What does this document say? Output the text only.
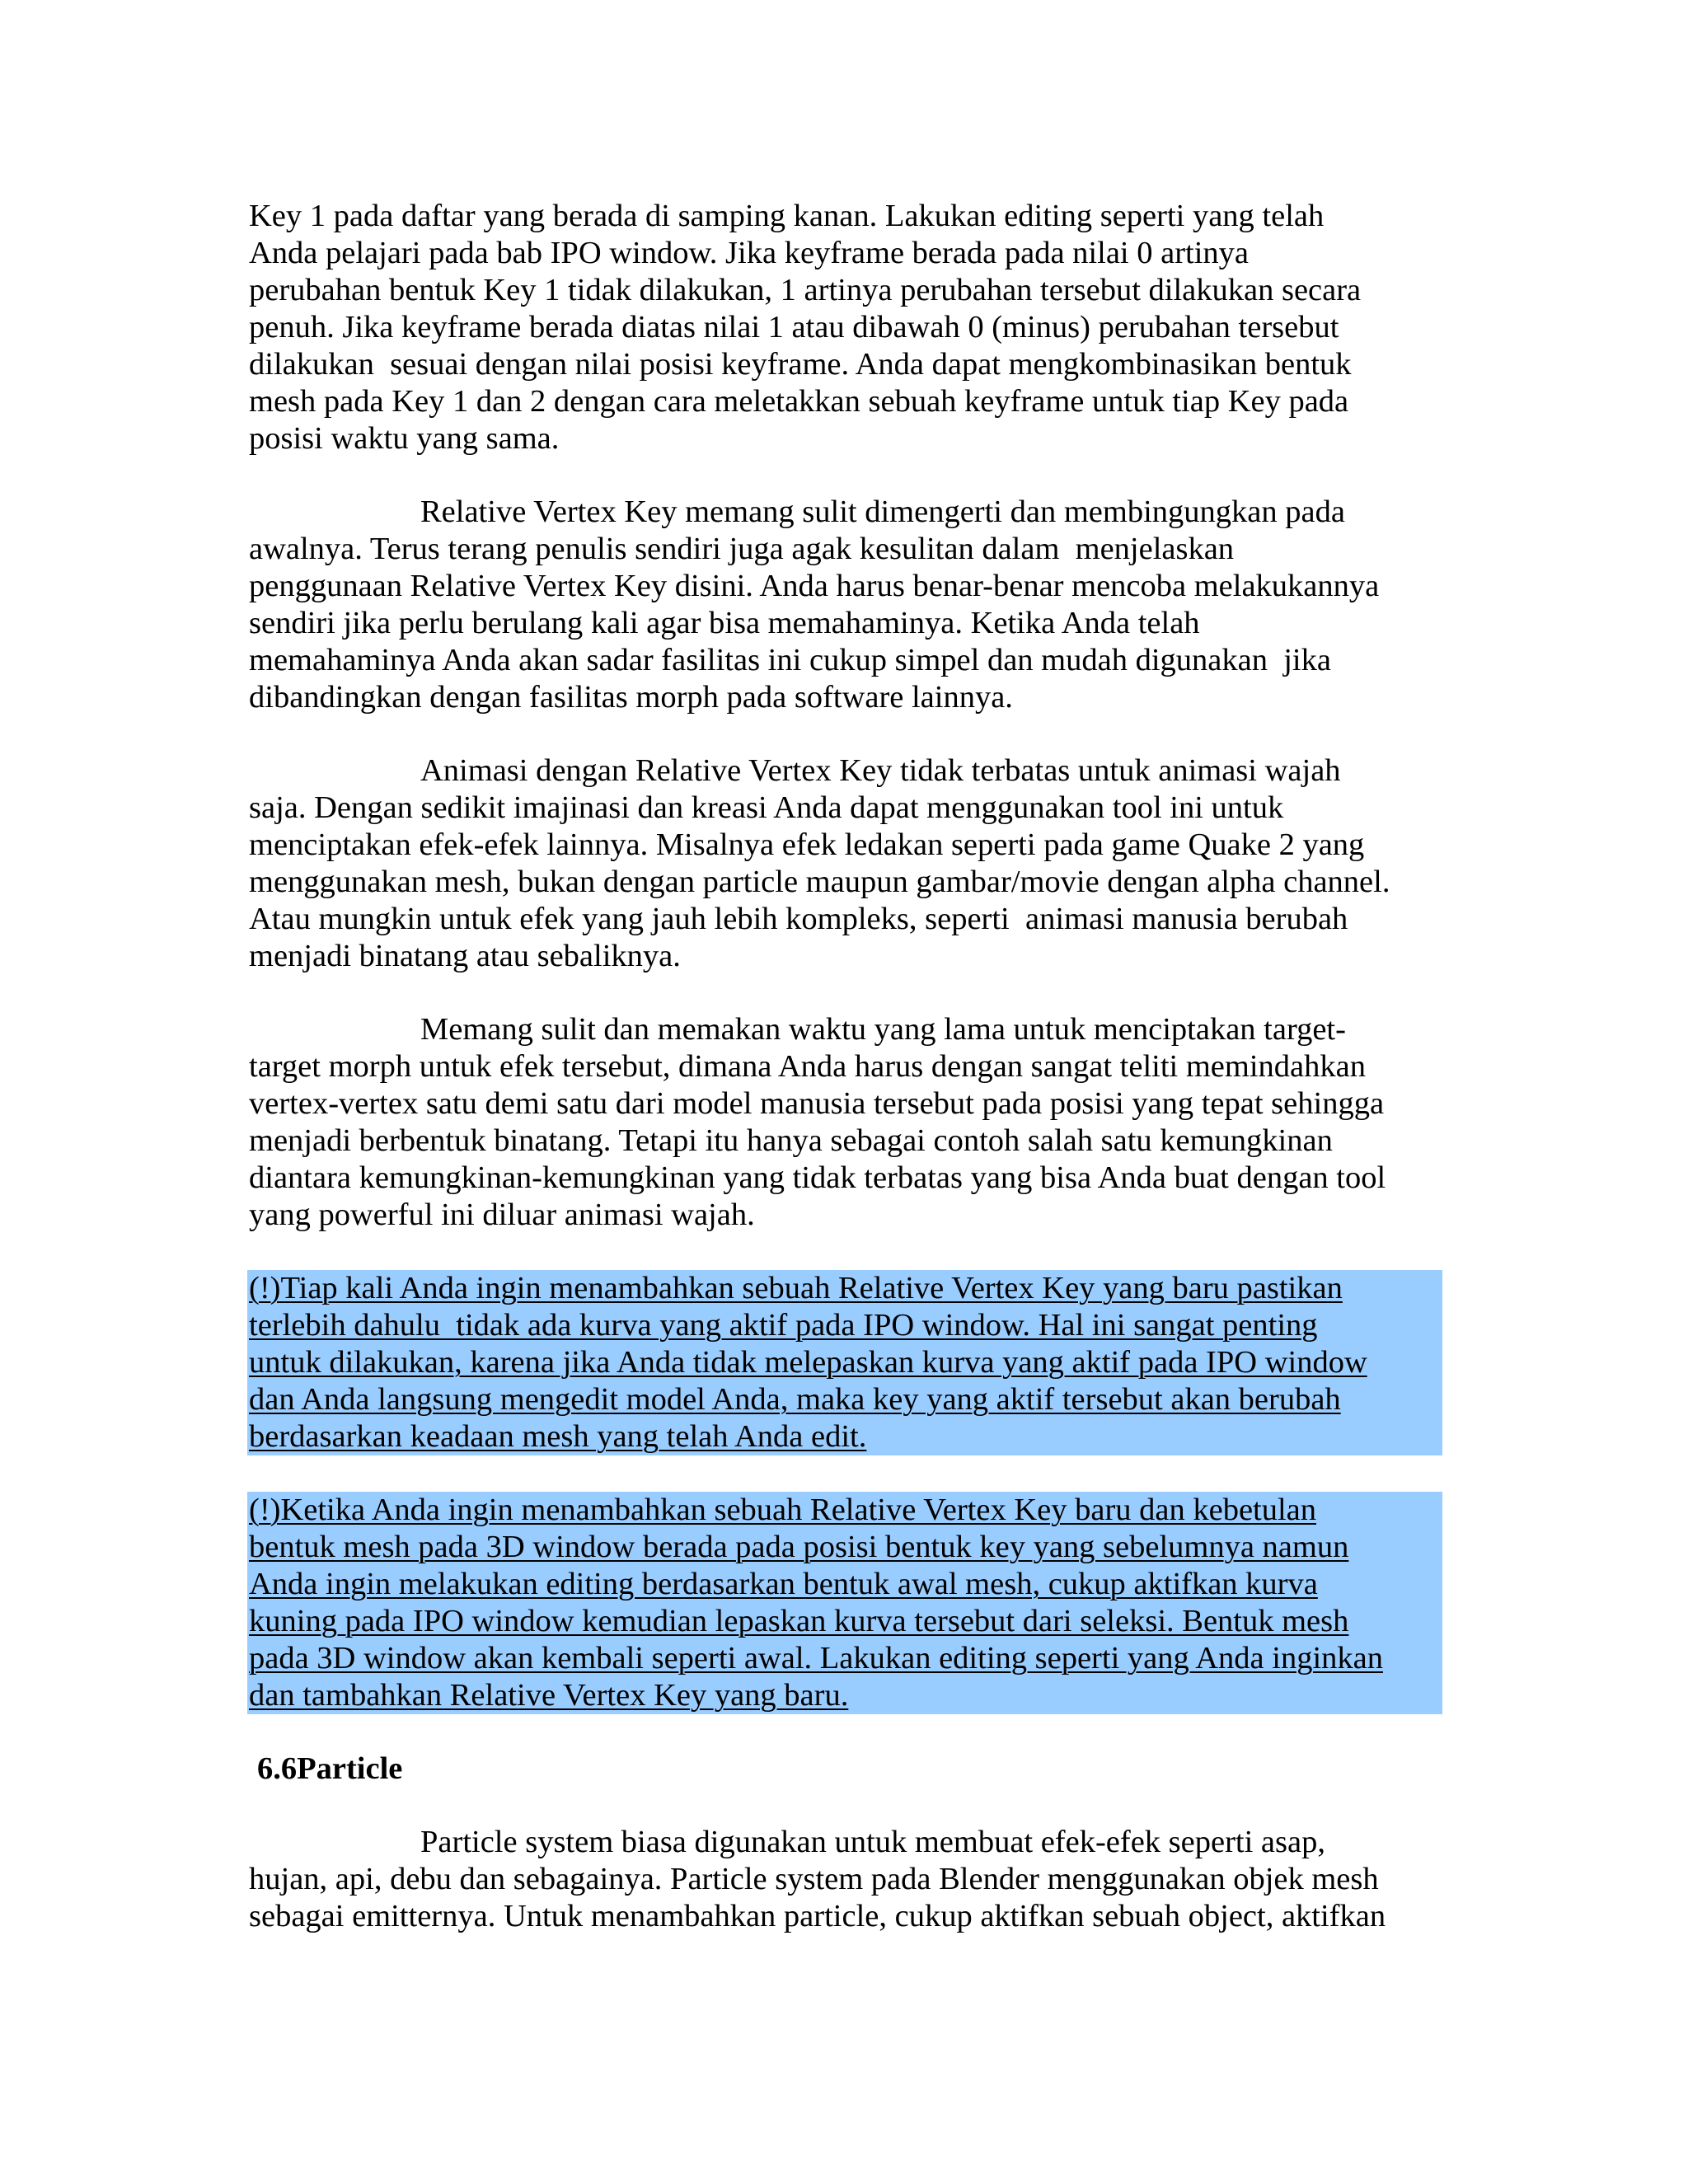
Key 1 pada daftar yang berada di samping kanan. Lakukan editing seperti yang telah
Anda pelajari pada bab IPO window. Jika keyframe berada pada nilai 0 artinya
perubahan bentuk Key 1 tidak dilakukan, 1 artinya perubahan tersebut dilakukan secara
penuh. Jika keyframe berada diatas nilai 1 atau dibawah 0 (minus) perubahan tersebut
dilakukan  sesuai dengan nilai posisi keyframe. Anda dapat mengkombinasikan bentuk
mesh pada Key 1 dan 2 dengan cara meletakkan sebuah keyframe untuk tiap Key pada
posisi waktu yang sama.
Relative Vertex Key memang sulit dimengerti dan membingungkan pada
awalnya. Terus terang penulis sendiri juga agak kesulitan dalam  menjelaskan
penggunaan Relative Vertex Key disini. Anda harus benar-benar mencoba melakukannya
sendiri jika perlu berulang kali agar bisa memahaminya. Ketika Anda telah
memahaminya Anda akan sadar fasilitas ini cukup simpel dan mudah digunakan  jika
dibandingkan dengan fasilitas morph pada software lainnya.
Animasi dengan Relative Vertex Key tidak terbatas untuk animasi wajah
saja. Dengan sedikit imajinasi dan kreasi Anda dapat menggunakan tool ini untuk
menciptakan efek-efek lainnya. Misalnya efek ledakan seperti pada game Quake 2 yang
menggunakan mesh, bukan dengan particle maupun gambar/movie dengan alpha channel.
Atau mungkin untuk efek yang jauh lebih kompleks, seperti  animasi manusia berubah
menjadi binatang atau sebaliknya.
Memang sulit dan memakan waktu yang lama untuk menciptakan target-
target morph untuk efek tersebut, dimana Anda harus dengan sangat teliti memindahkan
vertex-vertex satu demi satu dari model manusia tersebut pada posisi yang tepat sehingga
menjadi berbentuk binatang. Tetapi itu hanya sebagai contoh salah satu kemungkinan
diantara kemungkinan-kemungkinan yang tidak terbatas yang bisa Anda buat dengan tool
yang powerful ini diluar animasi wajah.
(!)Tiap kali Anda ingin menambahkan sebuah Relative Vertex Key yang baru pastikan
terlebih dahulu  tidak ada kurva yang aktif pada IPO window. Hal ini sangat penting
untuk dilakukan, karena jika Anda tidak melepaskan kurva yang aktif pada IPO window
dan Anda langsung mengedit model Anda, maka key yang aktif tersebut akan berubah
berdasarkan keadaan mesh yang telah Anda edit.
(!)Ketika Anda ingin menambahkan sebuah Relative Vertex Key baru dan kebetulan
bentuk mesh pada 3D window berada pada posisi bentuk key yang sebelumnya namun
Anda ingin melakukan editing berdasarkan bentuk awal mesh, cukup aktifkan kurva
kuning pada IPO window kemudian lepaskan kurva tersebut dari seleksi. Bentuk mesh
pada 3D window akan kembali seperti awal. Lakukan editing seperti yang Anda inginkan
dan tambahkan Relative Vertex Key yang baru.
6.6Particle
Particle system biasa digunakan untuk membuat efek-efek seperti asap,
hujan, api, debu dan sebagainya. Particle system pada Blender menggunakan objek mesh
sebagai emitternya. Untuk menambahkan particle, cukup aktifkan sebuah object, aktifkan
